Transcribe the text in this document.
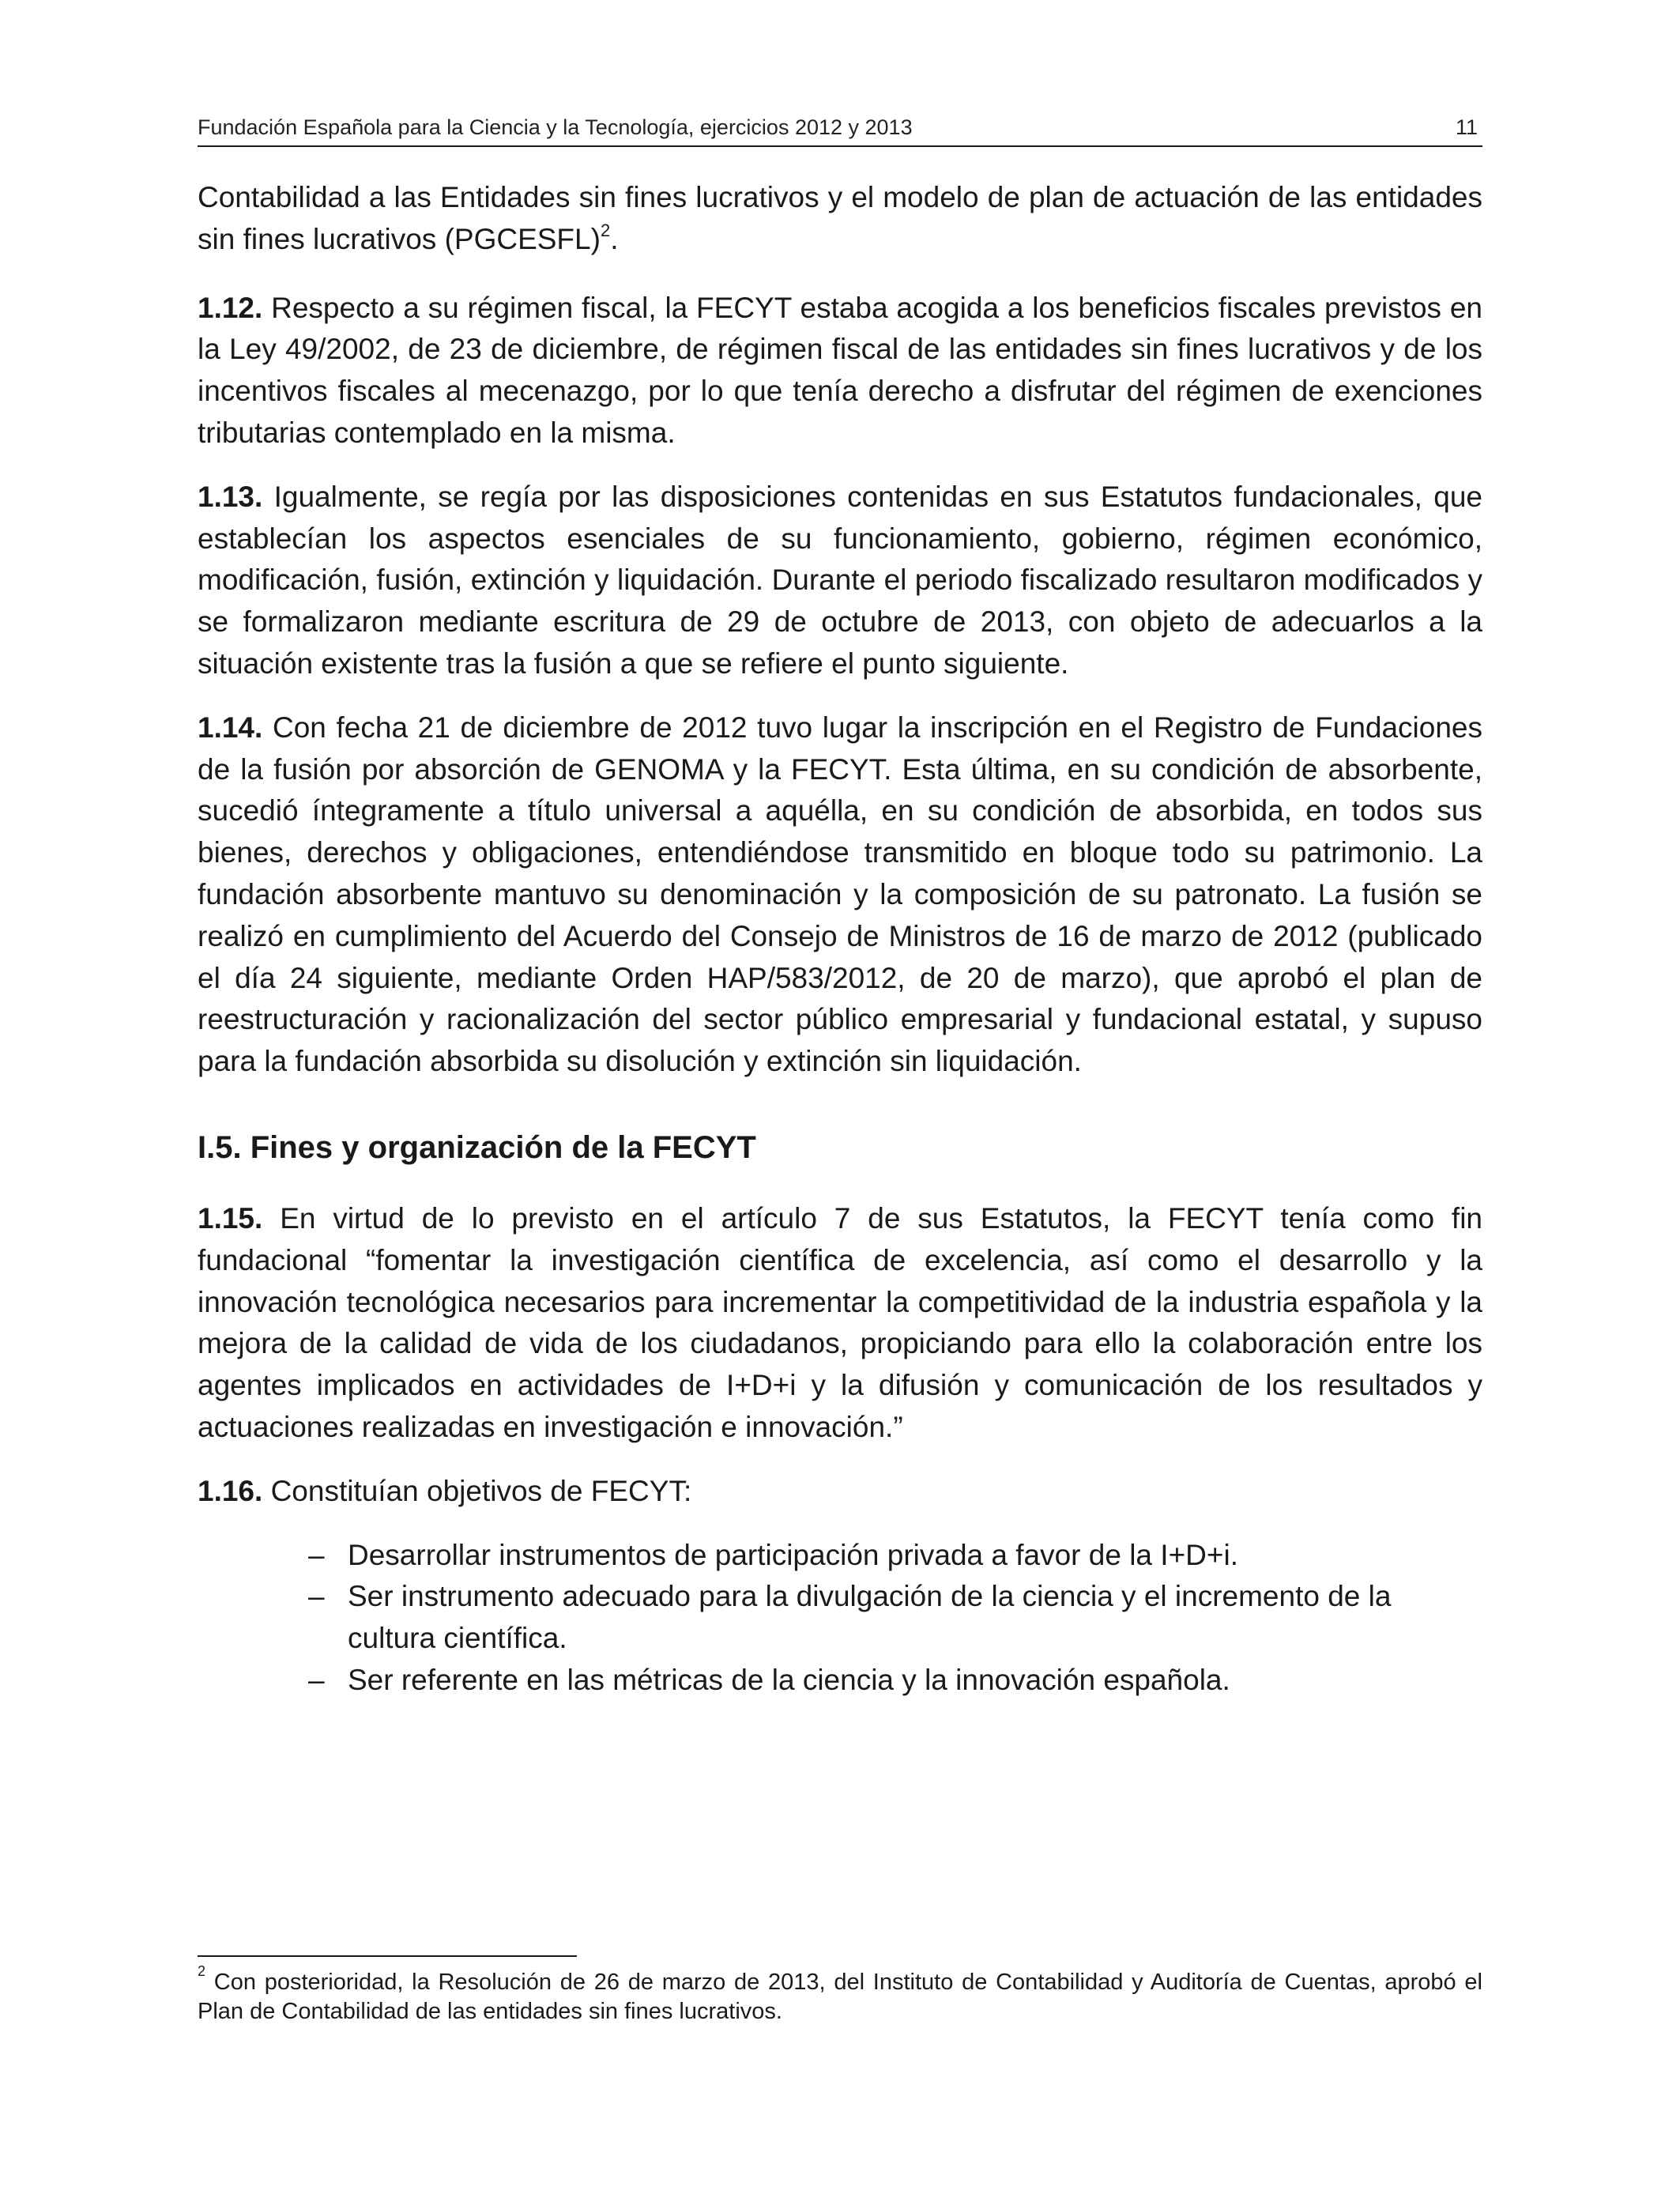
Fundación Española para la Ciencia y la Tecnología, ejercicios 2012 y 2013	11

Contabilidad a las Entidades sin fines lucrativos y el modelo de plan de actuación de las entidades sin fines lucrativos (PGCESFL)$^2$.

1.12. Respecto a su régimen fiscal, la FECYT estaba acogida a los beneficios fiscales previstos en la Ley 49/2002, de 23 de diciembre, de régimen fiscal de las entidades sin fines lucrativos y de los incentivos fiscales al mecenazgo, por lo que tenía derecho a disfrutar del régimen de exenciones tributarias contemplado en la misma.

1.13. Igualmente, se regía por las disposiciones contenidas en sus Estatutos fundacionales, que establecían los aspectos esenciales de su funcionamiento, gobierno, régimen económico, modificación, fusión, extinción y liquidación. Durante el periodo fiscalizado resultaron modificados y se formalizaron mediante escritura de 29 de octubre de 2013, con objeto de adecuarlos a la situación existente tras la fusión a que se refiere el punto siguiente.

1.14. Con fecha 21 de diciembre de 2012 tuvo lugar la inscripción en el Registro de Fundaciones de la fusión por absorción de GENOMA y la FECYT. Esta última, en su condición de absorbente, sucedió íntegramente a título universal a aquélla, en su condición de absorbida, en todos sus bienes, derechos y obligaciones, entendiéndose transmitido en bloque todo su patrimonio. La fundación absorbente mantuvo su denominación y la composición de su patronato. La fusión se realizó en cumplimiento del Acuerdo del Consejo de Ministros de 16 de marzo de 2012 (publicado el día 24 siguiente, mediante Orden HAP/583/2012, de 20 de marzo), que aprobó el plan de reestructuración y racionalización del sector público empresarial y fundacional estatal, y supuso para la fundación absorbida su disolución y extinción sin liquidación.

I.5. Fines y organización de la FECYT

1.15. En virtud de lo previsto en el artículo 7 de sus Estatutos, la FECYT tenía como fin fundacional “fomentar la investigación científica de excelencia, así como el desarrollo y la innovación tecnológica necesarios para incrementar la competitividad de la industria española y la mejora de la calidad de vida de los ciudadanos, propiciando para ello la colaboración entre los agentes implicados en actividades de I+D+i y la difusión y comunicación de los resultados y actuaciones realizadas en investigación e innovación.”

1.16. Constituían objetivos de FECYT:

– Desarrollar instrumentos de participación privada a favor de la I+D+i.
– Ser instrumento adecuado para la divulgación de la ciencia y el incremento de la cultura científica.
– Ser referente en las métricas de la ciencia y la innovación española.
$^2$ Con posterioridad, la Resolución de 26 de marzo de 2013, del Instituto de Contabilidad y Auditoría de Cuentas, aprobó el Plan de Contabilidad de las entidades sin fines lucrativos.
